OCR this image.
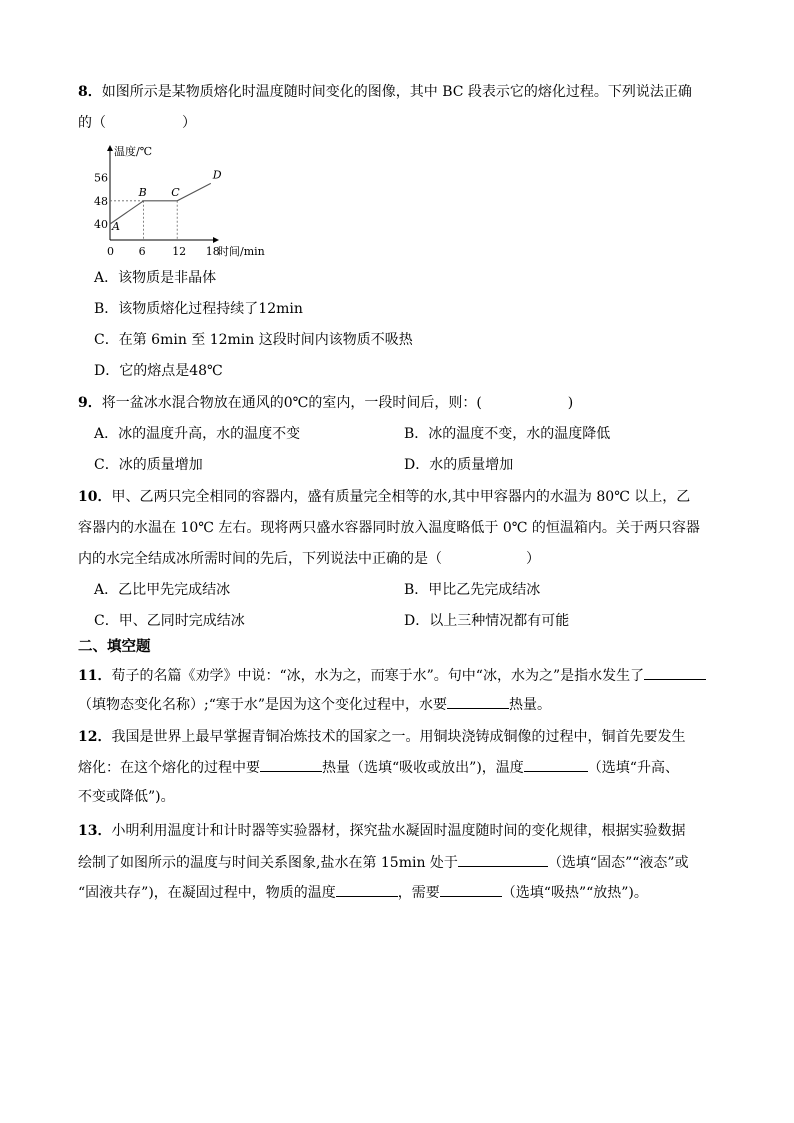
8．如图所示是某物质熔化时温度随时间变化的图像，其中 BC 段表示它的熔化过程。下列说法正确
的（	）
56
48
40
0 6 12 18
A
B C
D
温度/℃
时间/min
A．该物质是非晶体
B．该物质熔化过程持续了12min
C．在第 6min 至 12min 这段时间内该物质不吸热
D．它的熔点是48℃
9．将一盆冰水混合物放在通风的0℃的室内，一段时间后，则：(	)
A．冰的温度升高，水的温度不变	B．冰的温度不变，水的温度降低
C．冰的质量增加	D．水的质量增加
10．甲、乙两只完全相同的容器内，盛有质量完全相等的水,其中甲容器内的水温为 80℃ 以上，乙
容器内的水温在 10℃ 左右。现将两只盛水容器同时放入温度略低于 0℃ 的恒温箱内。关于两只容器
内的水完全结成冰所需时间的先后，下列说法中正确的是（	）
A．乙比甲先完成结冰	B．甲比乙先完成结冰
C．甲、乙同时完成结冰	D．以上三种情况都有可能
二、填空题
11．荀子的名篇《劝学》中说：“冰，水为之，而寒于水”。句中“冰，水为之”是指水发生了
（填物态变化名称）;“寒于水”是因为这个变化过程中，水要	热量。
12．我国是世界上最早掌握青铜冶炼技术的国家之一。用铜块浇铸成铜像的过程中，铜首先要发生
熔化：在这个熔化的过程中要	热量（选填“吸收或放出”)，温度	（选填“升高、
不变或降低”)。
13．小明利用温度计和计时器等实验器材，探究盐水凝固时温度随时间的变化规律，根据实验数据
绘制了如图所示的温度与时间关系图象,盐水在第 15min 处于	（选填“固态”“液态”或
“固液共存”)，在凝固过程中，物质的温度	，需要	（选填“吸热”“放热”)。
